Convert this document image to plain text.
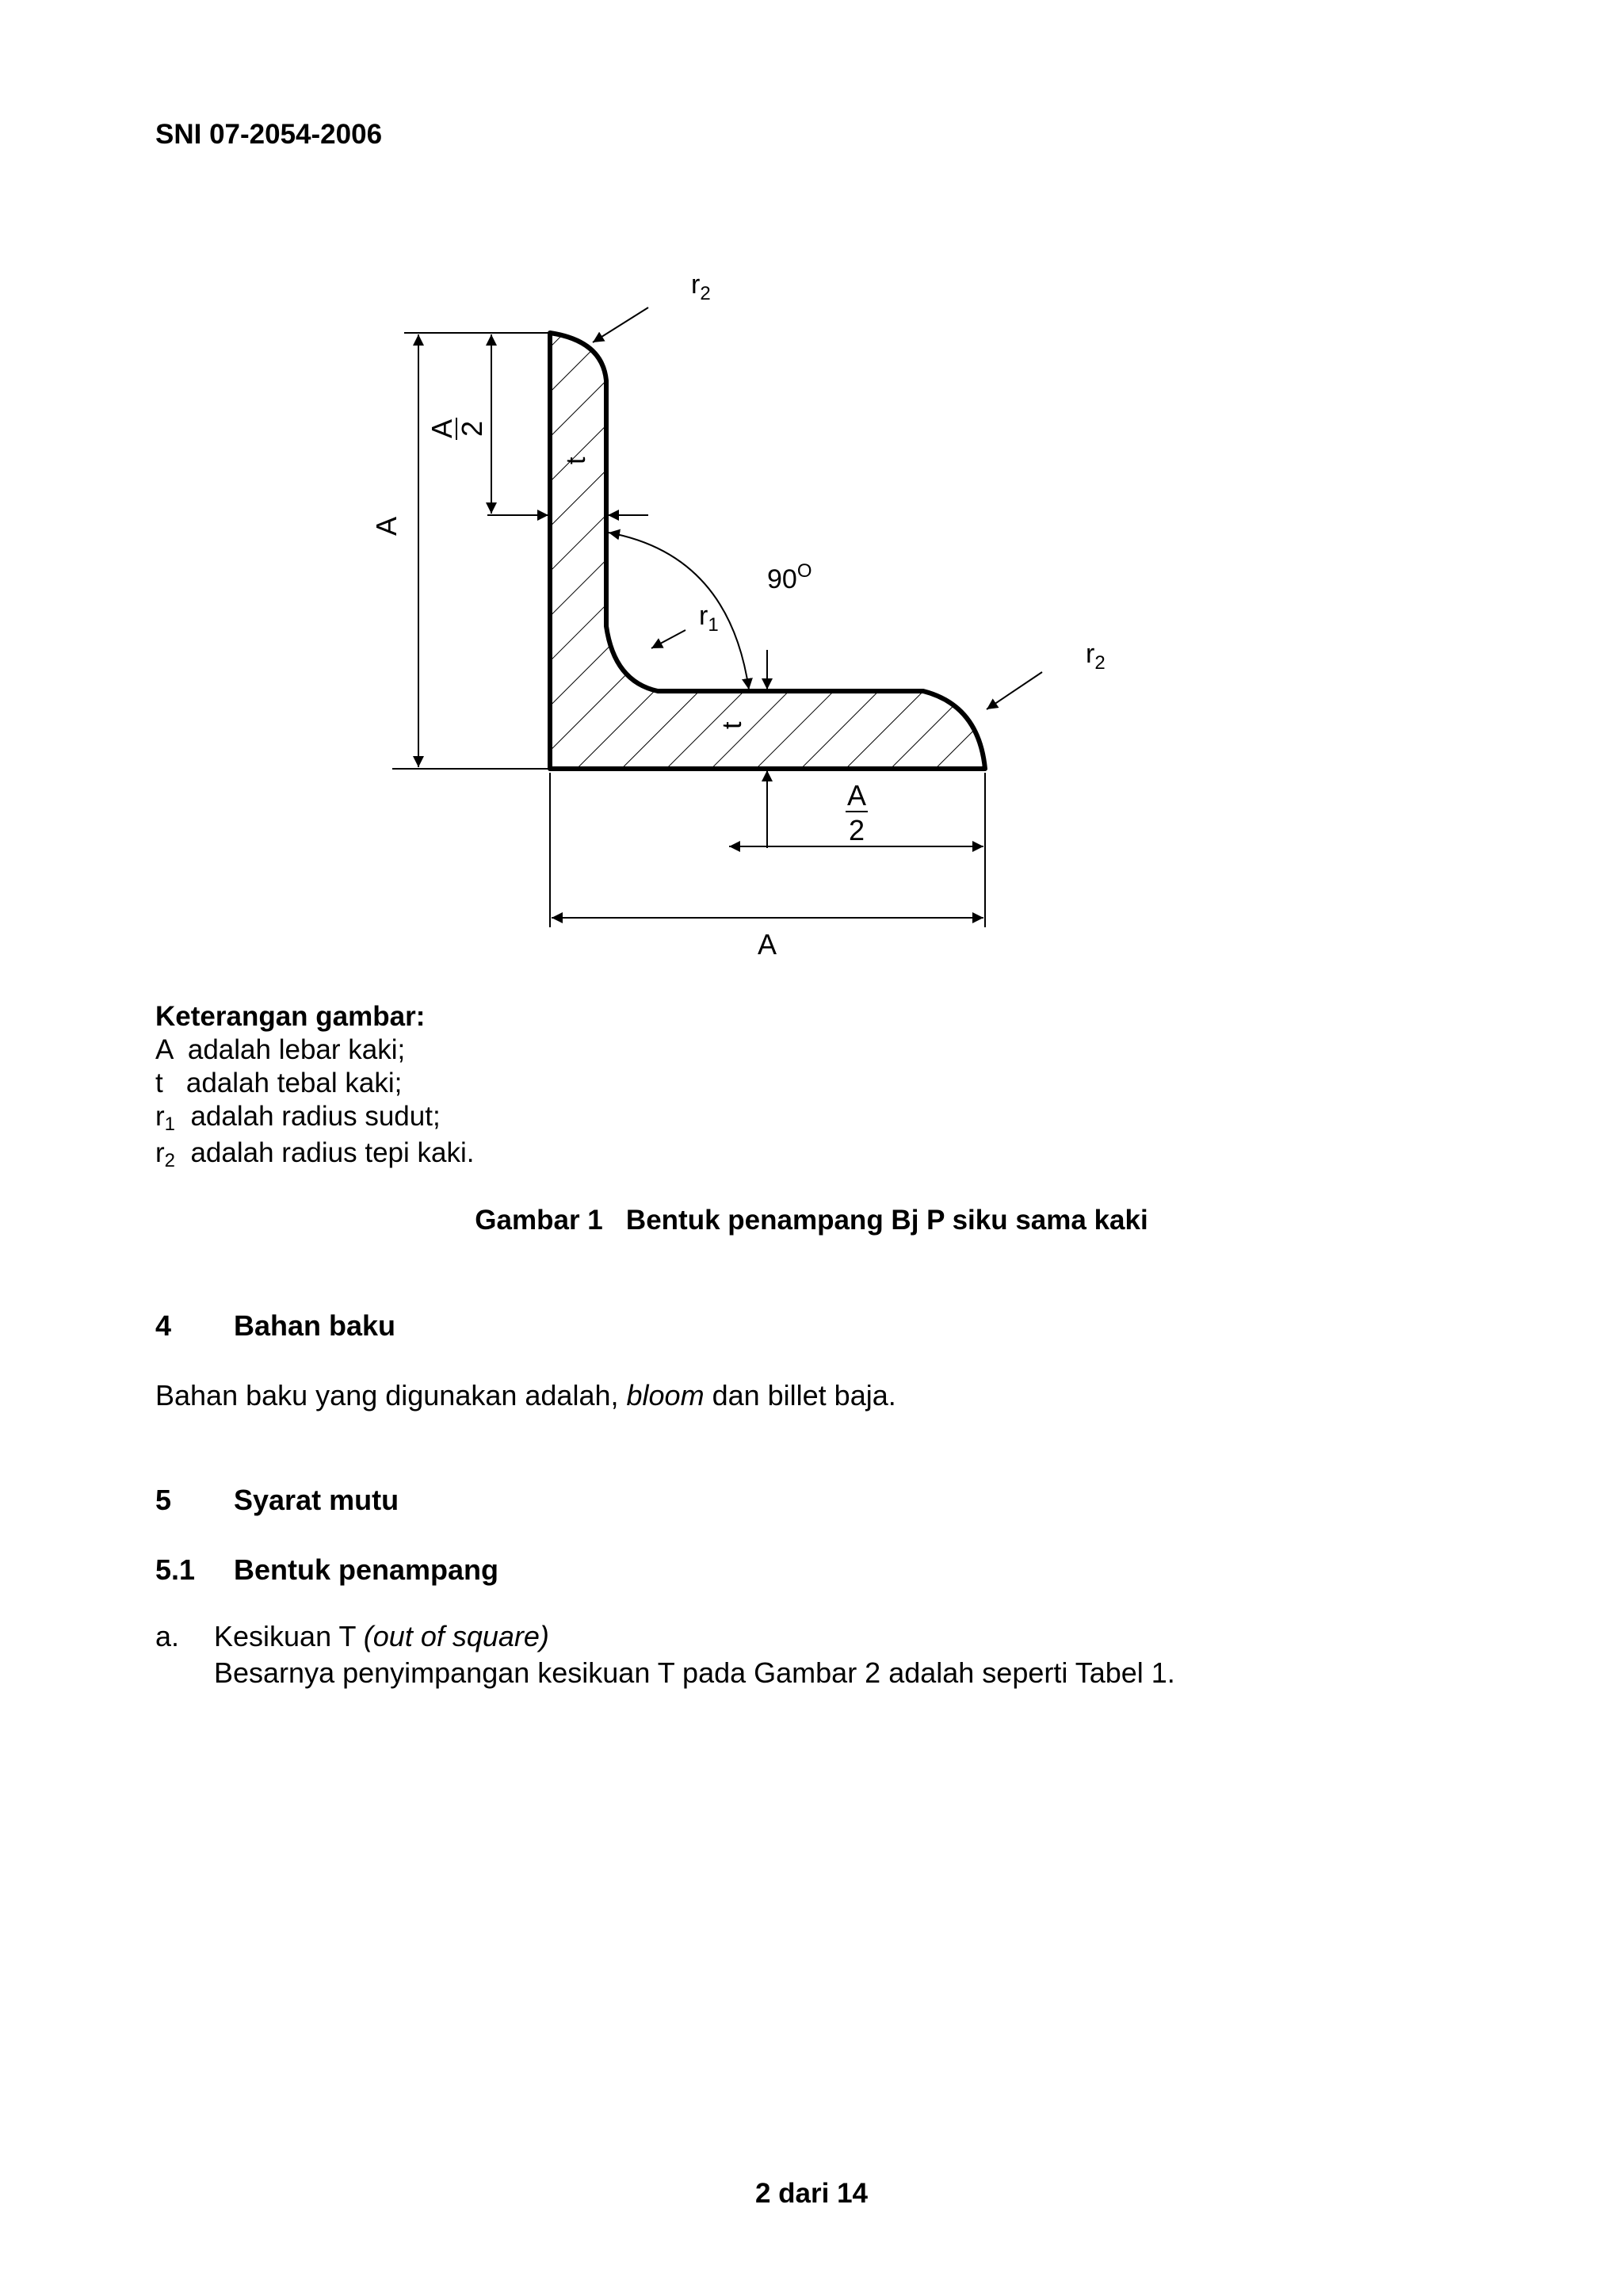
SNI 07-2054-2006
$r_2$
$r_2$
$r_1$
$90^O$
t
t
A
A
2
A
2
A
Keterangan gambar:
A  adalah lebar kaki;
t   adalah tebal kaki;
r1  adalah radius sudut;
r2  adalah radius tepi kaki.
Gambar 1   Bentuk penampang Bj P siku sama kaki
4 Bahan baku
Bahan baku yang digunakan adalah, bloom dan billet baja.
5 Syarat mutu
5.1 Bentuk penampang
a. Kesikuan T (out of square)
Besarnya penyimpangan kesikuan T pada Gambar 2 adalah seperti Tabel 1.
2 dari 14
